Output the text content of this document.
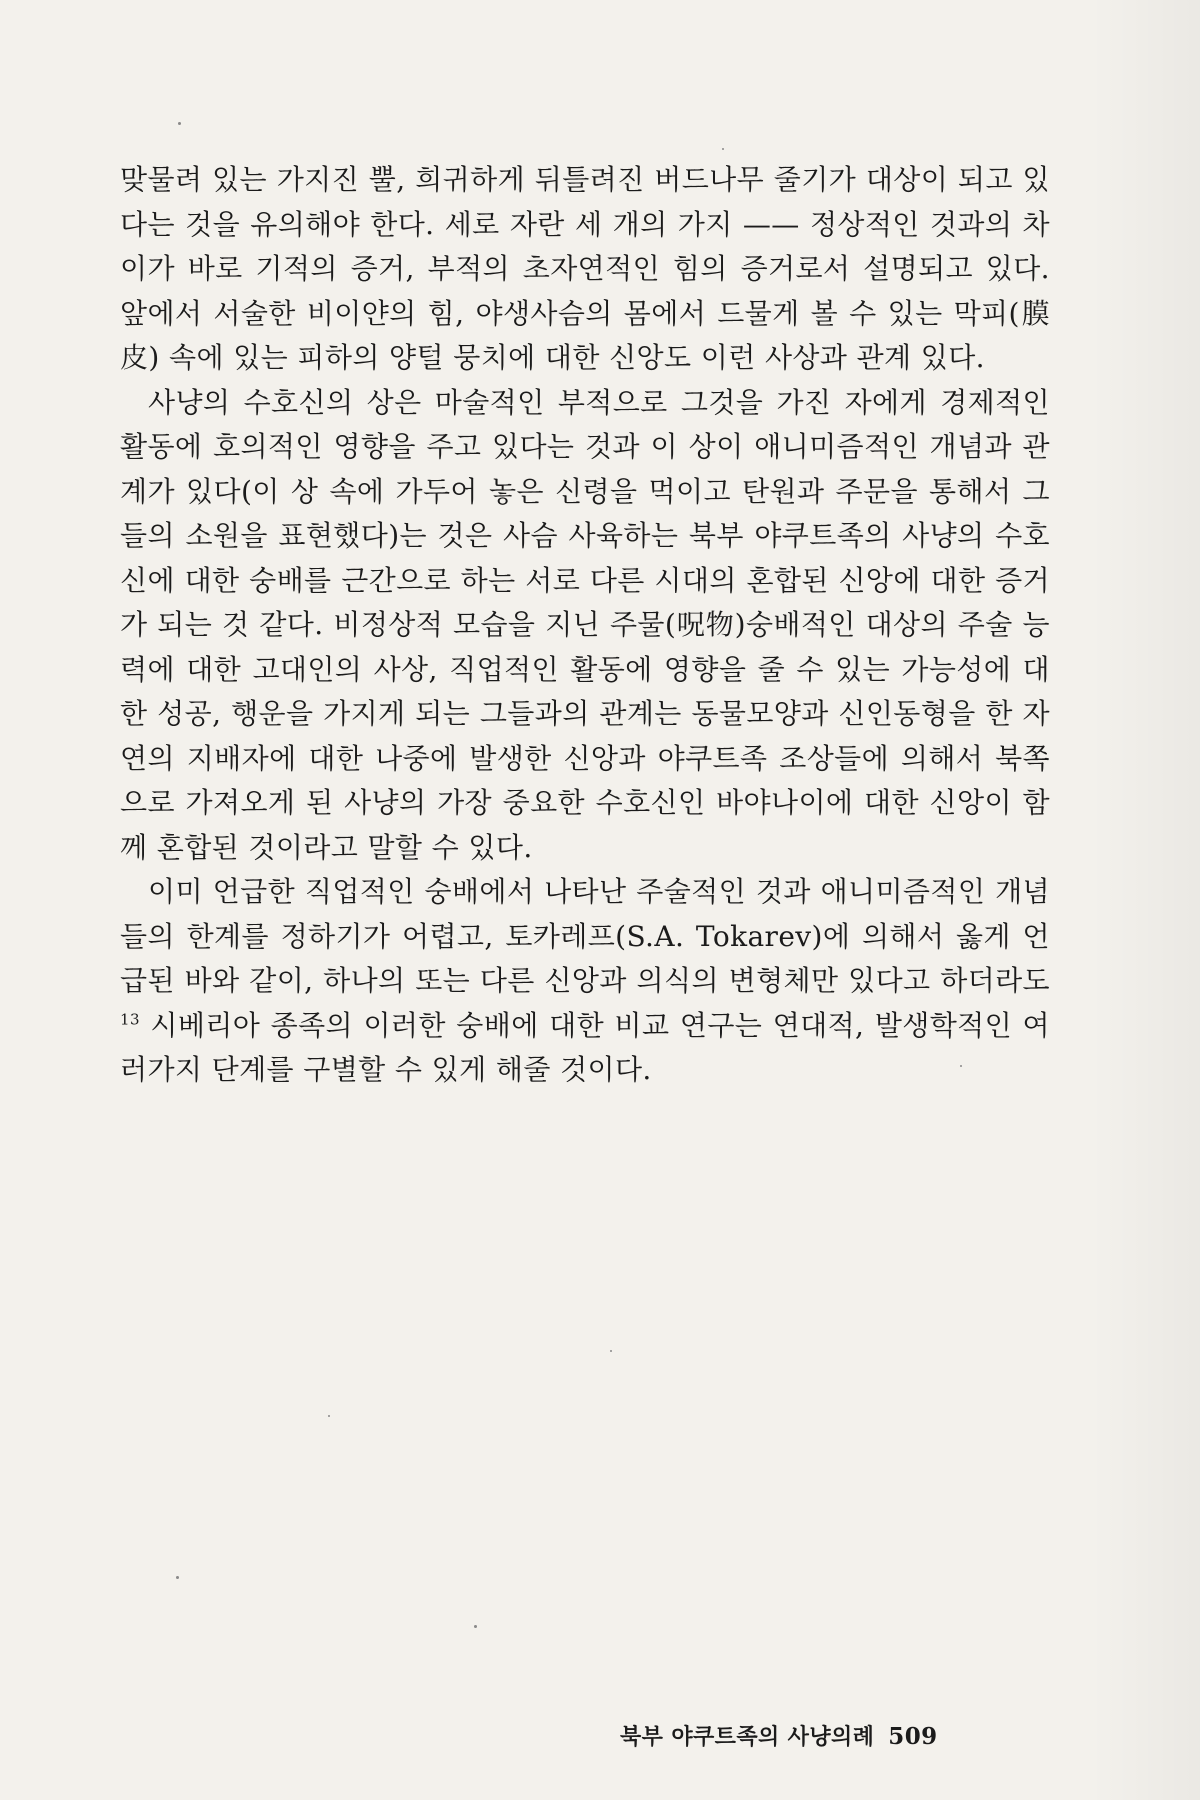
맞물려 있는 가지진 뿔, 희귀하게 뒤틀려진 버드나무 줄기가 대상이 되고 있다는 것을 유의해야 한다. 세로 자란 세 개의 가지 —— 정상적인 것과의 차이가 바로 기적의 증거, 부적의 초자연적인 힘의 증거로서 설명되고 있다. 앞에서 서술한 비이얀의 힘, 야생사슴의 몸에서 드물게 볼 수 있는 막피(膜皮) 속에 있는 피하의 양털 뭉치에 대한 신앙도 이런 사상과 관계 있다.

사냥의 수호신의 상은 마술적인 부적으로 그것을 가진 자에게 경제적인 활동에 호의적인 영향을 주고 있다는 것과 이 상이 애니미즘적인 개념과 관계가 있다(이 상 속에 가두어 놓은 신령을 먹이고 탄원과 주문을 통해서 그들의 소원을 표현했다)는 것은 사슴 사육하는 북부 야쿠트족의 사냥의 수호신에 대한 숭배를 근간으로 하는 서로 다른 시대의 혼합된 신앙에 대한 증거가 되는 것 같다. 비정상적 모습을 지닌 주물(呪物)숭배적인 대상의 주술 능력에 대한 고대인의 사상, 직업적인 활동에 영향을 줄 수 있는 가능성에 대한 성공, 행운을 가지게 되는 그들과의 관계는 동물모양과 신인동형을 한 자연의 지배자에 대한 나중에 발생한 신앙과 야쿠트족 조상들에 의해서 북쪽으로 가져오게 된 사냥의 가장 중요한 수호신인 바야나이에 대한 신앙이 함께 혼합된 것이라고 말할 수 있다.

이미 언급한 직업적인 숭배에서 나타난 주술적인 것과 애니미즘적인 개념들의 한계를 정하기가 어렵고, 토카레프(S.A. Tokarev)에 의해서 옳게 언급된 바와 같이, 하나의 또는 다른 신앙과 의식의 변형체만 있다고 하더라도$^{13}$ 시베리아 종족의 이러한 숭배에 대한 비교 연구는 연대적, 발생학적인 여러가지 단계를 구별할 수 있게 해줄 것이다.

북부 야쿠트족의 사냥의례 509
